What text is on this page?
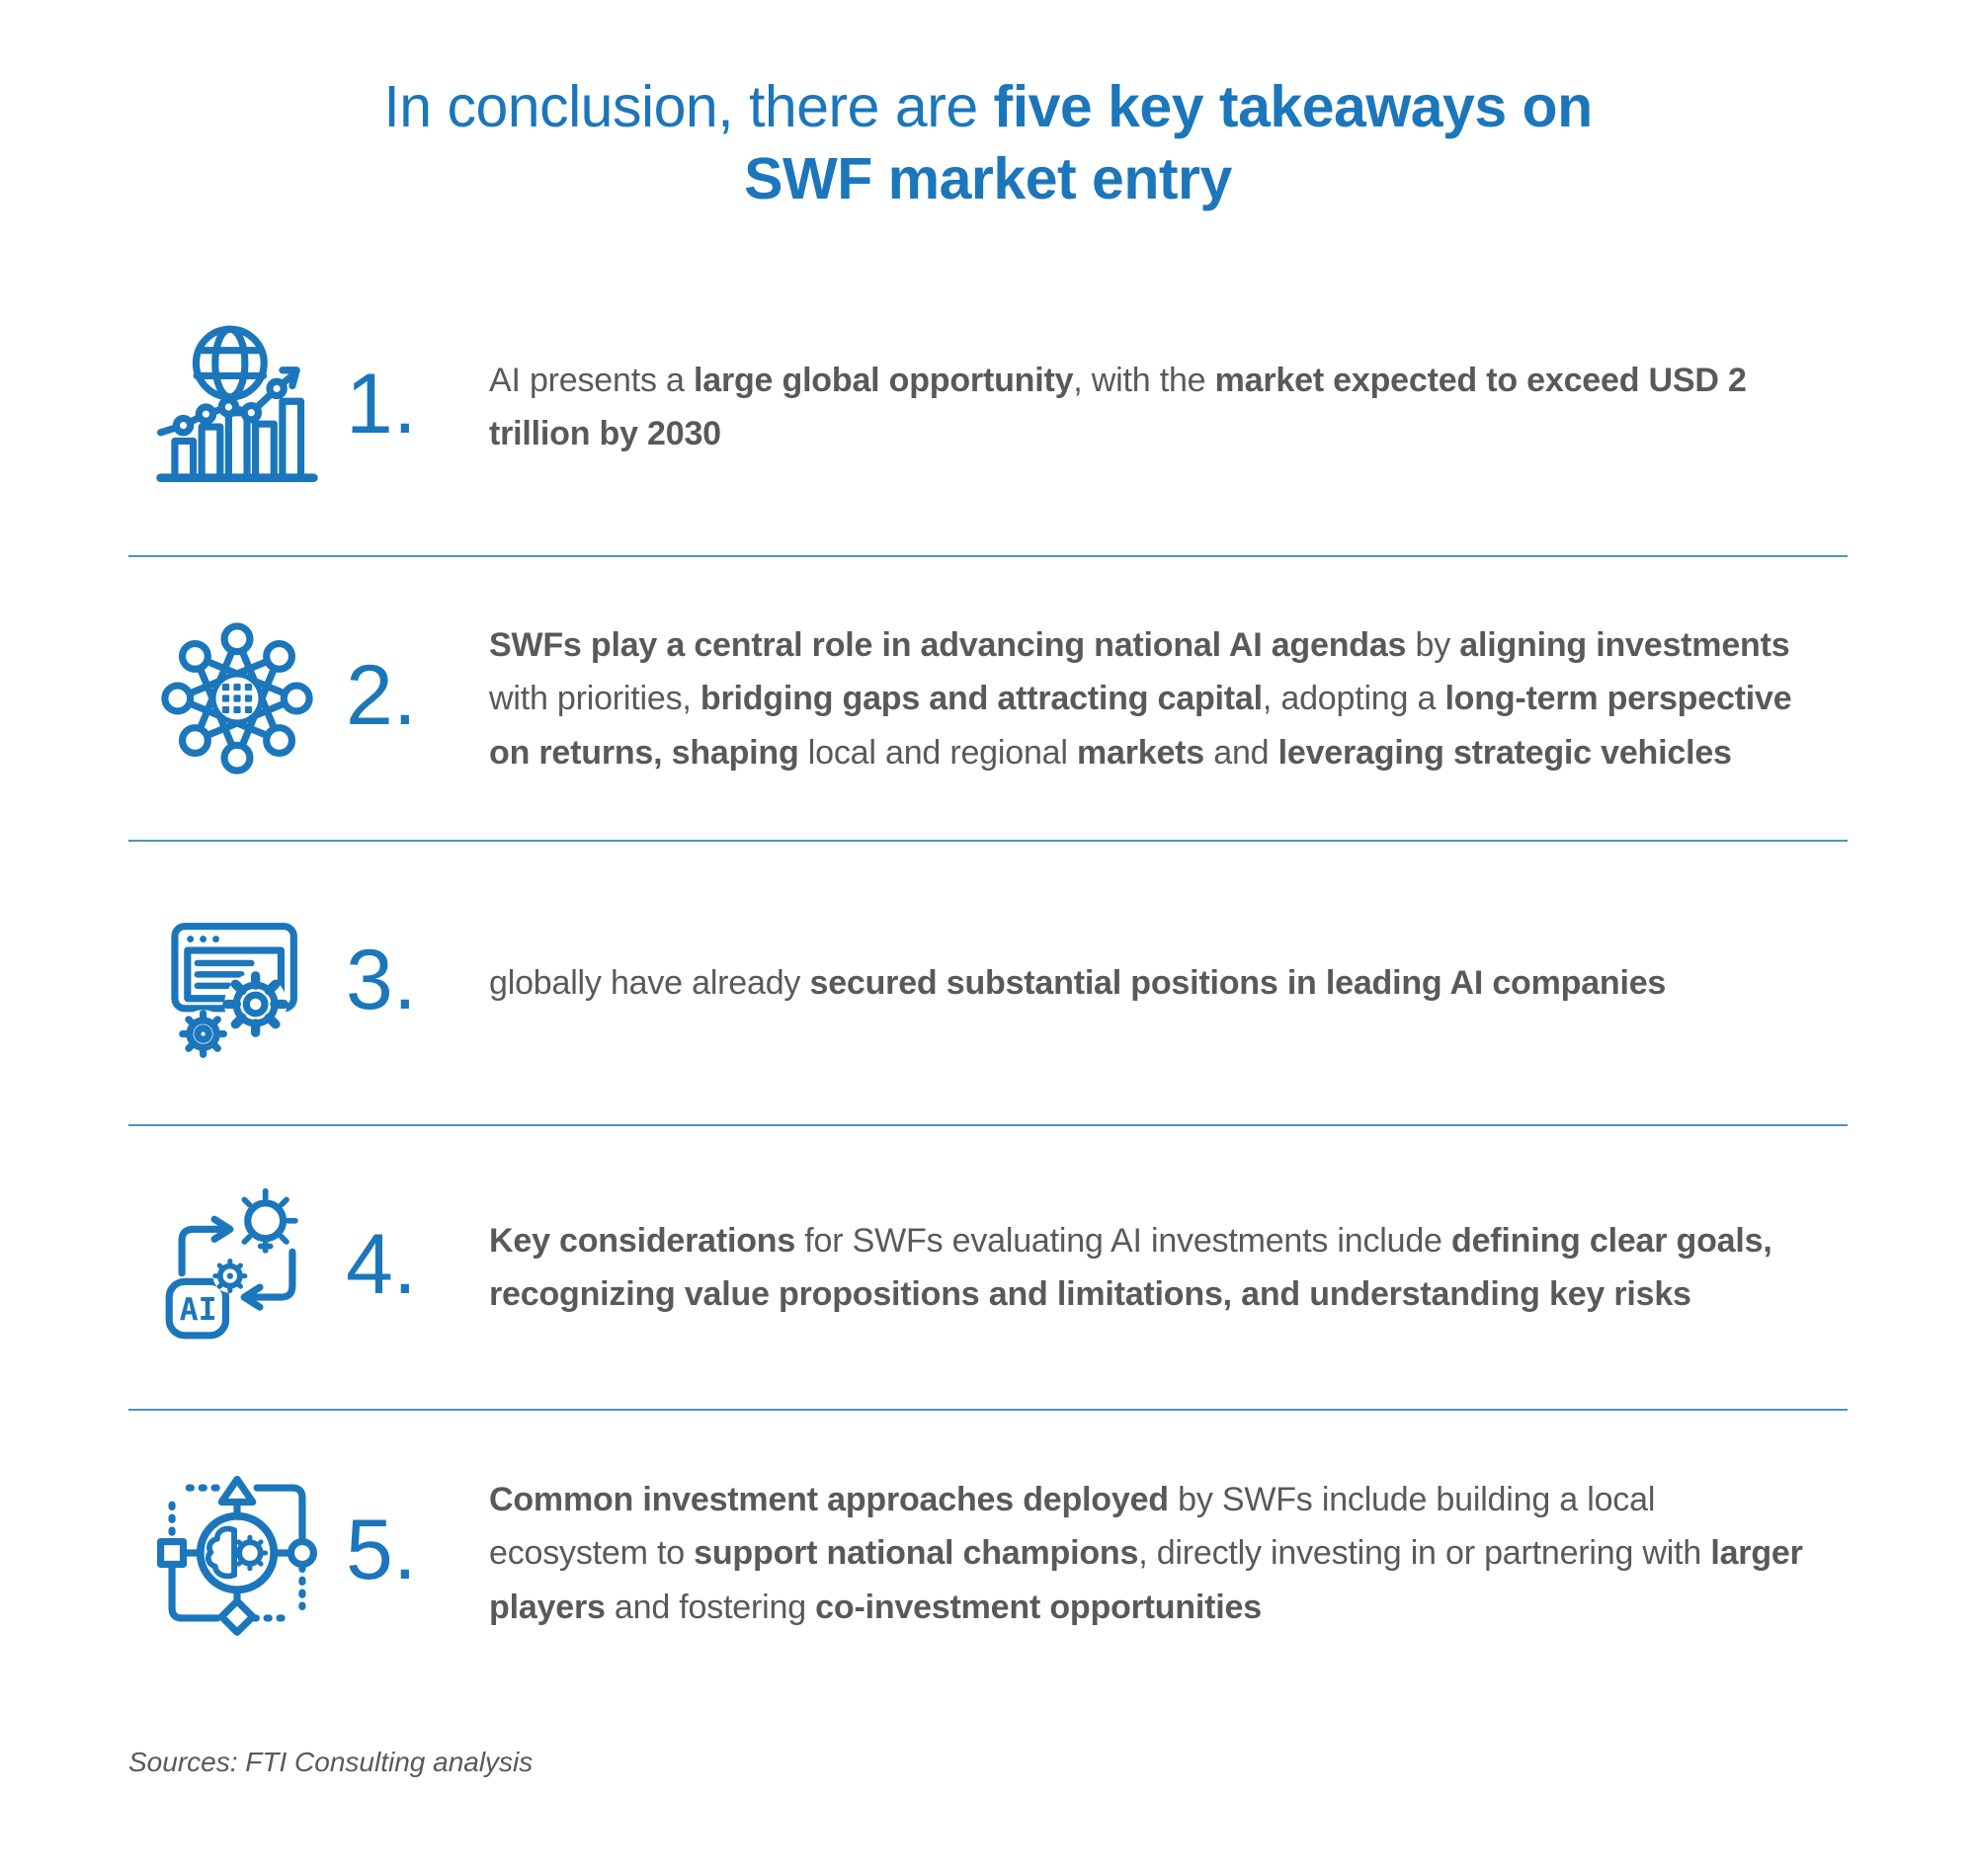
In conclusion, there are five key takeaways on
SWF market entry
1.	AI presents a large global opportunity, with the market expected to exceed USD 2 trillion by 2030

2.

SWFs play a central role in advancing national AI agendas by aligning investments with priorities, bridging gaps and attracting capital, adopting a long-term perspective on returns, shaping local and regional markets and leveraging strategic vehicles

3.	globally have already secured substantial positions in leading AI companies

AI 4.	Key considerations for SWFs evaluating AI investments include defining clear goals, recognizing value propositions and limitations, and understanding key risks

5.

Common investment approaches deployed by SWFs include building a local ecosystem to support national champions, directly investing in or partnering with larger players and fostering co-investment opportunities

Sources: FTI Consulting analysis
